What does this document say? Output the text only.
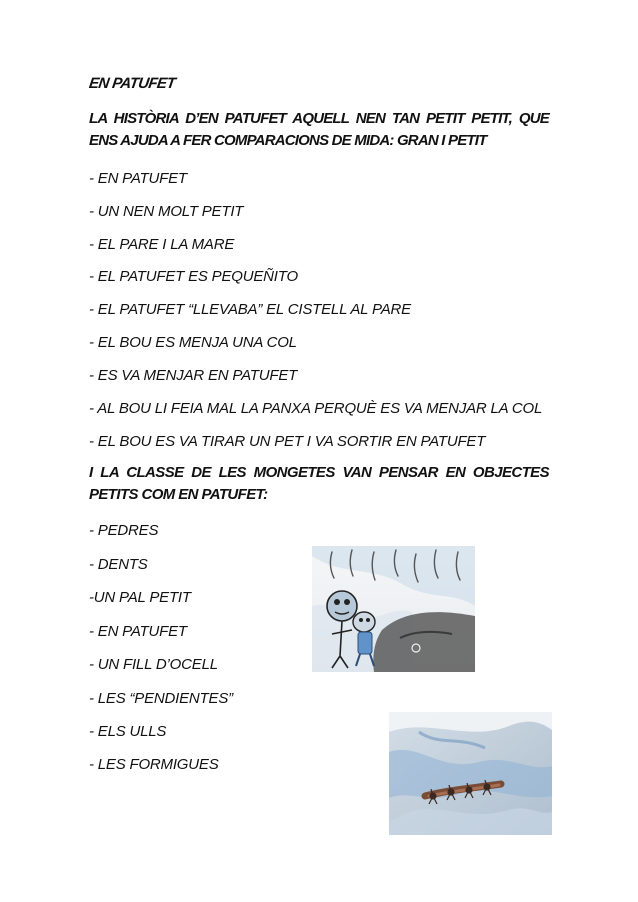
EN PATUFET
LA HISTÒRIA D’EN PATUFET AQUELL NEN TAN PETIT PETIT, QUE ENS AJUDA A FER COMPARACIONS DE MIDA: GRAN I PETIT
- EN PATUFET
- UN NEN MOLT PETIT
- EL PARE I LA MARE
- EL PATUFET ES PEQUEÑITO
- EL PATUFET “LLEVABA” EL CISTELL AL PARE
- EL BOU ES MENJA UNA COL
- ES VA MENJAR EN PATUFET
- AL BOU LI FEIA MAL LA PANXA PERQUÈ ES VA MENJAR LA COL
- EL BOU ES VA TIRAR UN PET I VA SORTIR EN PATUFET
I LA CLASSE DE LES MONGETES VAN PENSAR EN OBJECTES PETITS COM EN PATUFET:
- PEDRES
- DENTS
-UN PAL PETIT
- EN PATUFET
- UN FILL D’OCELL
- LES “PENDIENTES”
- ELS ULLS
- LES FORMIGUES
